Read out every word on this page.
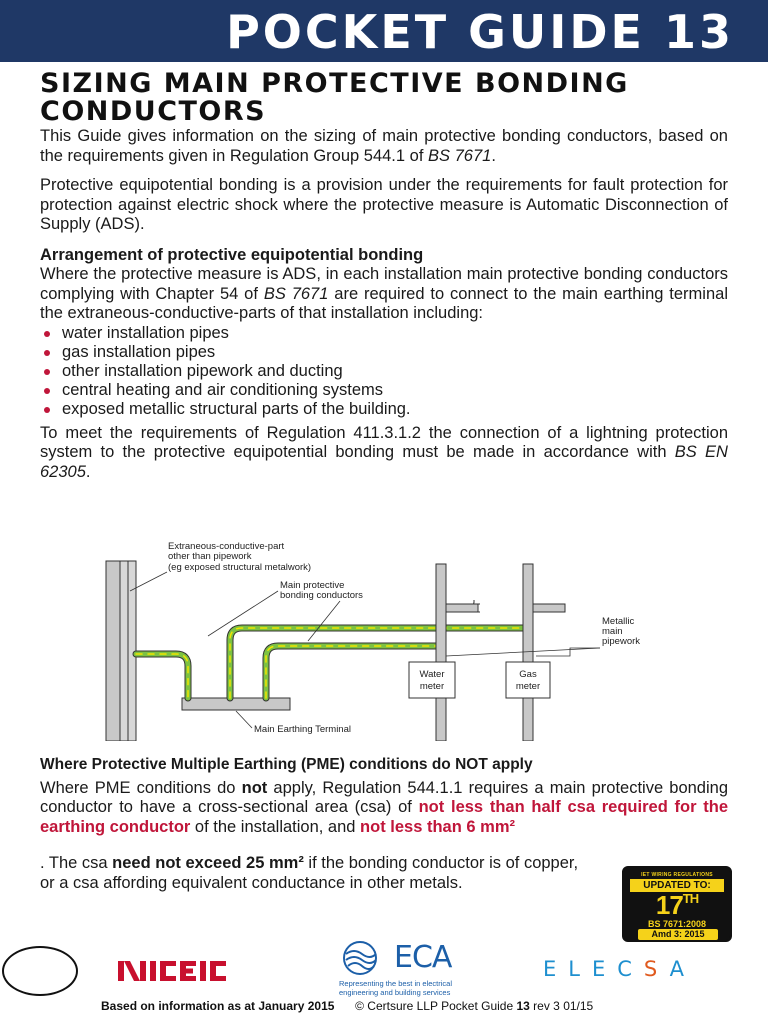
POCKET GUIDE 13
SIZING MAIN PROTECTIVE BONDING CONDUCTORS

This Guide gives information on the sizing of main protective bonding conductors, based on the requirements given in Regulation Group 544.1 of BS 7671.

Protective equipotential bonding is a provision under the requirements for fault protection for protection against electric shock where the protective measure is Automatic Disconnection of Supply (ADS).

Arrangement of protective equipotential bonding

Where the protective measure is ADS, in each installation main protective bonding conductors complying with Chapter 54 of BS 7671 are required to connect to the main earthing terminal the extraneous-conductive-parts of that installation including:

water installation pipes
gas installation pipes
other installation pipework and ducting
central heating and air conditioning systems
exposed metallic structural parts of the building.

To meet the requirements of Regulation 411.3.1.2 the connection of a lightning protection system to the protective equipotential bonding must be made in accordance with BS EN 62305.

Water
meter
Gas
meter
Extraneous-conductive-part
other than pipework
(eg exposed structural metalwork)
Main protective
bonding conductors
Metallic
main
pipework
Main Earthing Terminal

Where Protective Multiple Earthing (PME) conditions do NOT apply

Where PME conditions do not apply, Regulation 544.1.1 requires a main protective bonding conductor to have a cross-sectional area (csa) of not less than half csa required for the earthing conductor of the installation, and not less than 6 mm²

. The csa need not exceed 25 mm² if the bonding conductor is of copper, or a csa affording equivalent conductance in other metals.	IET WIRING REGULATIONS
UPDATED TO:
17TH
BS 7671:2008
Amd 3: 2015
ECA
Representing the best in electrical engineering and building services
ELECSA
Based on information as at January 2015 © Certsure LLP Pocket Guide 13 rev 3 01/15
